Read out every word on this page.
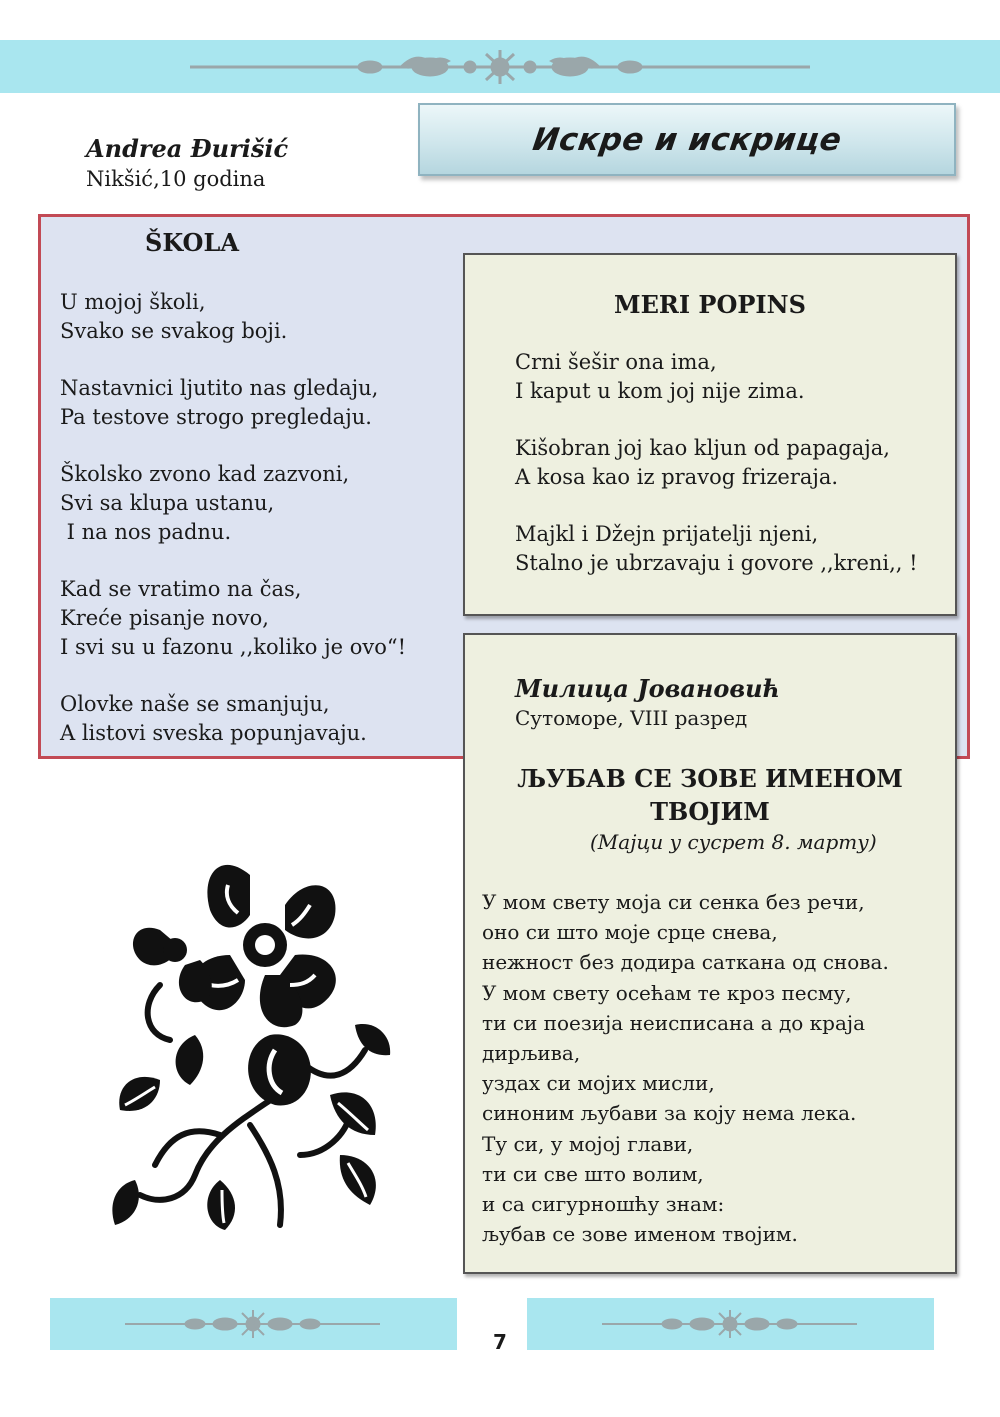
Andrea Đurišić
Nikšić,10 godina
Искре и искрице
ŠKOLA
U mojoj školi,
Svako se svakog boji.
Nastavnici ljutito nas gledaju,
Pa testove strogo pregledaju.
Školsko zvono kad zazvoni,
Svi sa klupa ustanu,
I na nos padnu.
Kad se vratimo na čas,
Kreće pisanje novo,
I svi su u fazonu ,,koliko je ovo“!
Olovke naše se smanjuju,
A listovi sveska popunjavaju.
MERI POPINS
Crni šešir ona ima,
I kaput u kom joj nije zima.
Kišobran joj kao kljun od papagaja,
A kosa kao iz pravog frizeraja.
Majkl i Džejn prijatelji njeni,
Stalno je ubrzavaju i govore ,,kreni,, !
Милица Јовановић
Сутоморе, VIII разред
ЉУБАВ СЕ ЗОВЕ ИМЕНОМ
ТВОЈИМ
(Мајци у сусрет 8. марту)
У мом свету моја си сенка без речи,
оно си што моје срце снева,
нежност без додира саткана од снова.
У мом свету осећам те кроз песму,
ти си поезија неисписана а до краја
дирљива,
уздах си мојих мисли,
синоним љубави за коју нема лека.
Ту си, у мојој глави,
ти си све што волим,
и са сигурношћу знам:
љубав се зове именом твојим.
7
